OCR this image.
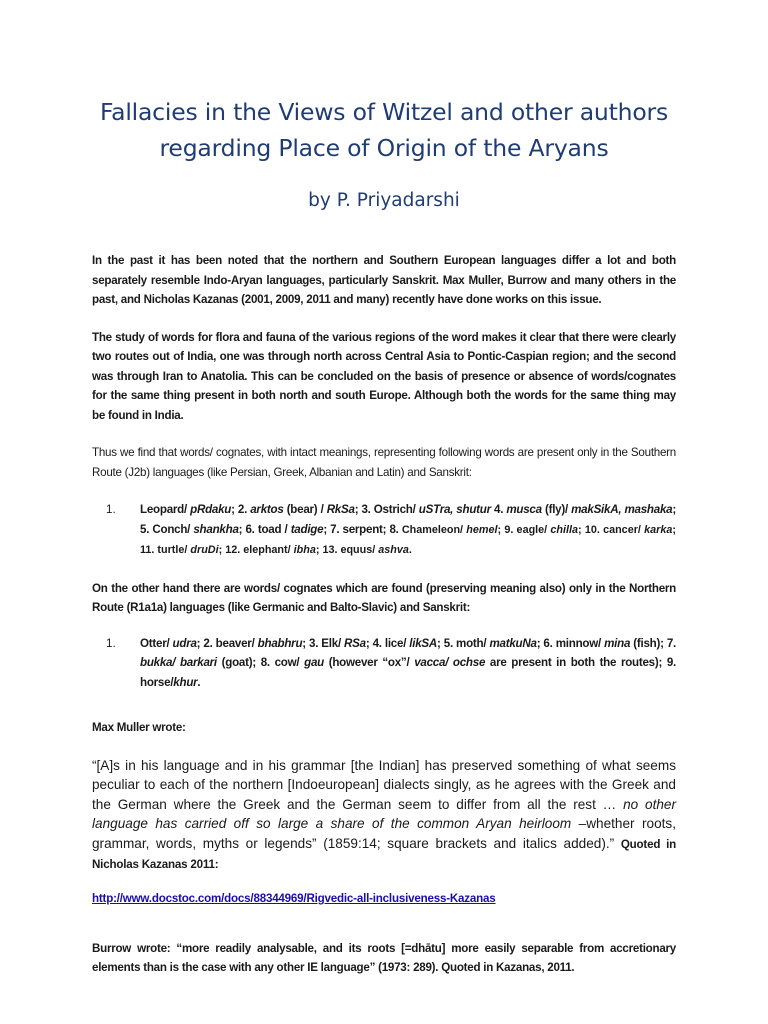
Fallacies in the Views of Witzel and other authors
regarding Place of Origin of the Aryans
by P. Priyadarshi

In the past it has been noted that the northern and Southern European languages differ a lot and both separately resemble Indo-Aryan languages, particularly Sanskrit. Max Muller, Burrow and many others in the past, and Nicholas Kazanas (2001, 2009, 2011 and many) recently have done works on this issue.

The study of words for flora and fauna of the various regions of the word makes it clear that there were clearly two routes out of India, one was through north across Central Asia to Pontic-Caspian region; and the second was through Iran to Anatolia. This can be concluded on the basis of presence or absence of words/cognates for the same thing present in both north and south Europe. Although both the words for the same thing may be found in India.

Thus we find that words/ cognates, with intact meanings, representing following words are present only in the Southern Route (J2b) languages (like Persian, Greek, Albanian and Latin) and Sanskrit:

1. Leopard/ pRdaku; 2. arktos (bear) / RkSa; 3. Ostrich/ uSTra, shutur 4. musca (fly)/ makSikA, mashaka; 5. Conch/ shankha; 6. toad / tadige; 7. serpent; 8. Chameleon/ hemel; 9. eagle/ chilla; 10. cancer/ karka; 11. turtle/ druDi; 12. elephant/ ibha; 13. equus/ ashva.

On the other hand there are words/ cognates which are found (preserving meaning also) only in the Northern Route (R1a1a) languages (like Germanic and Balto-Slavic) and Sanskrit:

1. Otter/ udra; 2. beaver/ bhabhru; 3. Elk/ RSa; 4. lice/ likSA; 5. moth/ matkuNa; 6. minnow/ mina (fish); 7. bukka/ barkari (goat); 8. cow/ gau (however “ox”/ vacca/ ochse are present in both the routes); 9. horse/khur.

Max Muller wrote:

“[A]s in his language and in his grammar [the Indian] has preserved something of what seems peculiar to each of the northern [Indoeuropean] dialects singly, as he agrees with the Greek and the German where the Greek and the German seem to differ from all the rest … no other language has carried off so large a share of the common Aryan heirloom –whether roots, grammar, words, myths or legends” (1859:14; square brackets and italics added).” Quoted in Nicholas Kazanas 2011:

http://www.docstoc.com/docs/88344969/Rigvedic-all-inclusiveness-Kazanas

Burrow wrote: “more readily analysable, and its roots [=dhātu] more easily separable from accretionary elements than is the case with any other IE language” (1973: 289). Quoted in Kazanas, 2011.
